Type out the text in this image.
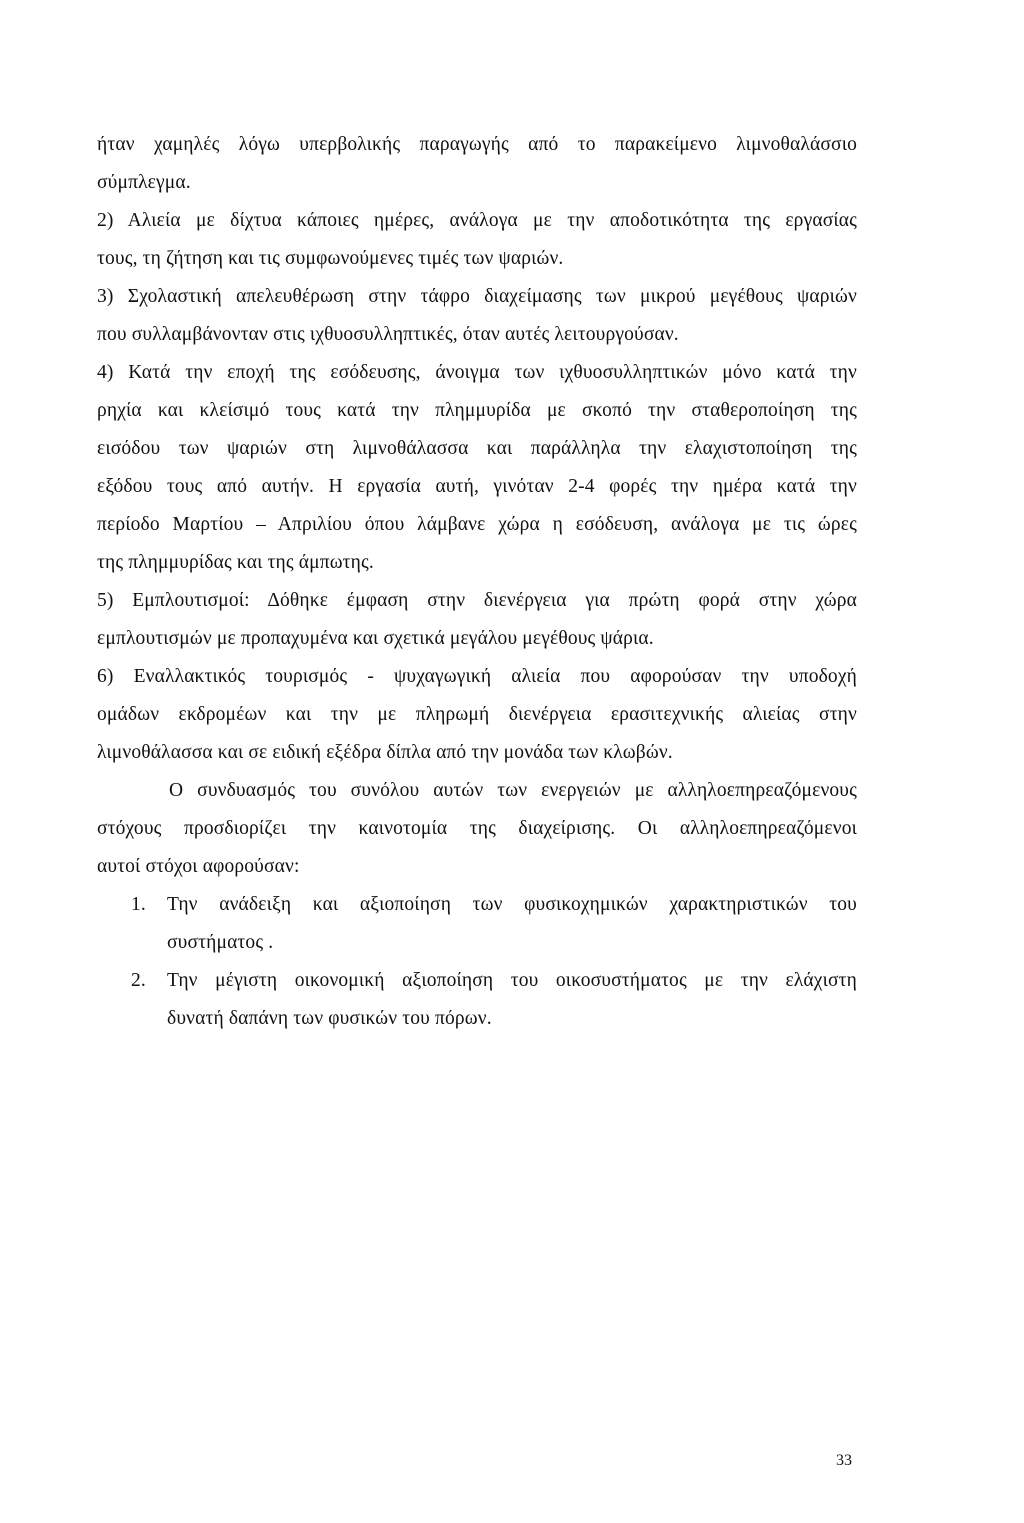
ήταν χαμηλές λόγω υπερβολικής παραγωγής από το παρακείμενο λιμνοθαλάσσιο
σύμπλεγμα.
2) Αλιεία με δίχτυα κάποιες ημέρες, ανάλογα με την αποδοτικότητα της εργασίας
τους, τη ζήτηση και τις συμφωνούμενες τιμές των ψαριών.
3) Σχολαστική απελευθέρωση στην τάφρο διαχείμασης των μικρού μεγέθους ψαριών
που συλλαμβάνονταν στις ιχθυοσυλληπτικές, όταν αυτές λειτουργούσαν.
4) Κατά την εποχή της εσόδευσης, άνοιγμα των ιχθυοσυλληπτικών μόνο κατά την
ρηχία και κλείσιμό τους κατά την πλημμυρίδα με σκοπό την σταθεροποίηση της
εισόδου των ψαριών στη λιμνοθάλασσα και παράλληλα την ελαχιστοποίηση της
εξόδου τους από αυτήν. Η εργασία αυτή, γινόταν 2-4 φορές την ημέρα κατά την
περίοδο Μαρτίου – Απριλίου όπου λάμβανε χώρα η εσόδευση, ανάλογα με τις ώρες
της πλημμυρίδας και της άμπωτης.
5) Εμπλουτισμοί: Δόθηκε έμφαση στην διενέργεια για πρώτη φορά στην χώρα
εμπλουτισμών με προπαχυμένα και σχετικά μεγάλου μεγέθους ψάρια.
6) Εναλλακτικός τουρισμός - ψυχαγωγική αλιεία που αφορούσαν την υποδοχή
ομάδων εκδρομέων και την με πληρωμή διενέργεια ερασιτεχνικής αλιείας στην
λιμνοθάλασσα και σε ειδική εξέδρα δίπλα από την μονάδα των κλωβών.
Ο συνδυασμός του συνόλου αυτών των ενεργειών με αλληλοεπηρεαζόμενους
στόχους προσδιορίζει την καινοτομία της διαχείρισης. Οι αλληλοεπηρεαζόμενοι
αυτοί στόχοι αφορούσαν:
1. Την ανάδειξη και αξιοποίηση των φυσικοχημικών χαρακτηριστικών του
συστήματος .
2. Την μέγιστη οικονομική αξιοποίηση του οικοσυστήματος με την ελάχιστη
δυνατή δαπάνη των φυσικών του πόρων.
33
